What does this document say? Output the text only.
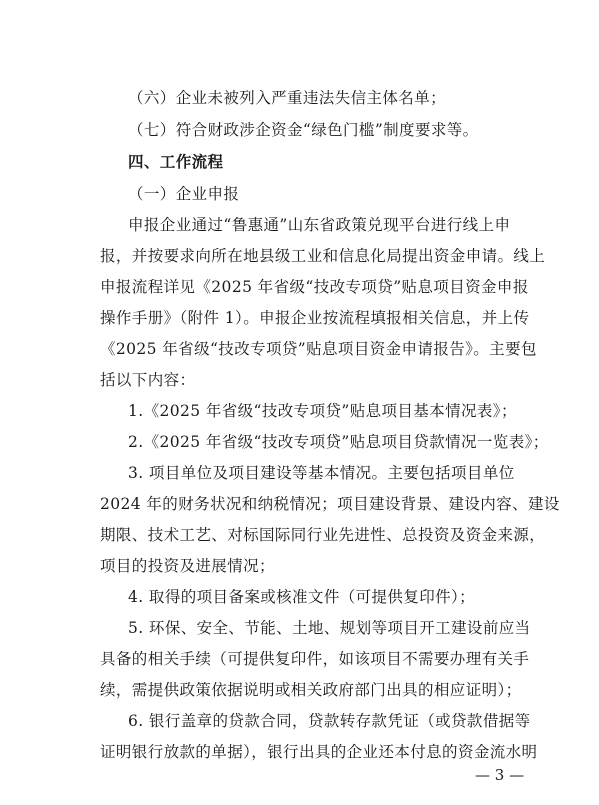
（六）企业未被列入严重违法失信主体名单；
（七）符合财政涉企资金“绿色门槛”制度要求等。
四、工作流程
（一）企业申报
申报企业通过“鲁惠通”山东省政策兑现平台进行线上申
报，并按要求向所在地县级工业和信息化局提出资金申请。线上
申报流程详见《2025 年省级“技改专项贷”贴息项目资金申报
操作手册》（附件 1）。申报企业按流程填报相关信息，并上传
《2025 年省级“技改专项贷”贴息项目资金申请报告》。主要包
括以下内容：
1.《2025 年省级“技改专项贷”贴息项目基本情况表》；
2.《2025 年省级“技改专项贷”贴息项目贷款情况一览表》；
3. 项目单位及项目建设等基本情况。主要包括项目单位
2024 年的财务状况和纳税情况；项目建设背景、建设内容、建设
期限、技术工艺、对标国际同行业先进性、总投资及资金来源，
项目的投资及进展情况；
4. 取得的项目备案或核准文件（可提供复印件）；
5. 环保、安全、节能、土地、规划等项目开工建设前应当
具备的相关手续（可提供复印件，如该项目不需要办理有关手
续，需提供政策依据说明或相关政府部门出具的相应证明）；
6. 银行盖章的贷款合同，贷款转存款凭证（或贷款借据等
证明银行放款的单据），银行出具的企业还本付息的资金流水明
— 3 —
